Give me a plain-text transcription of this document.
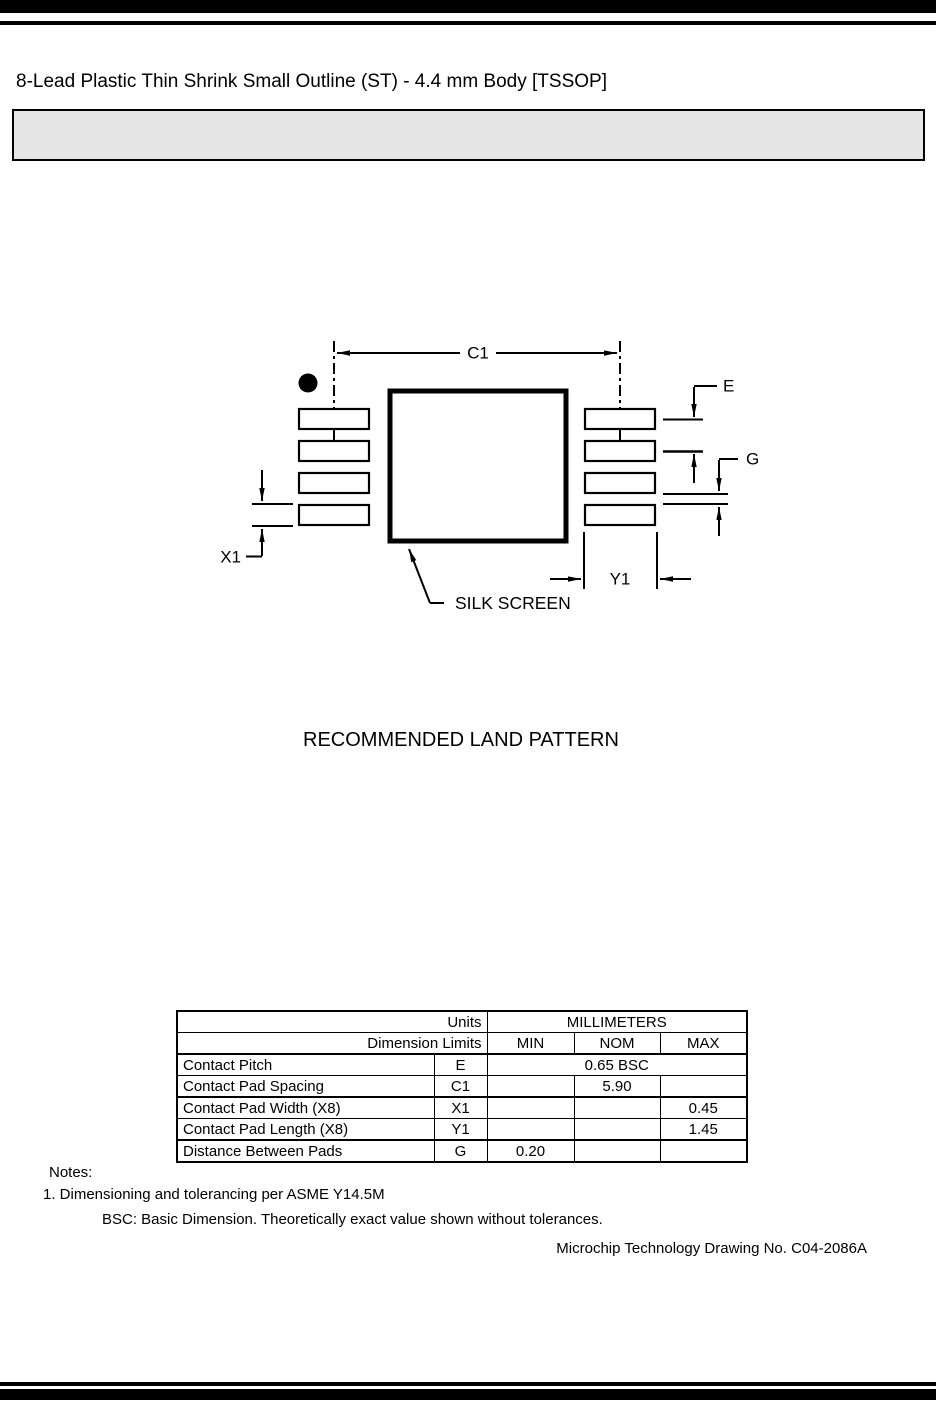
8-Lead Plastic Thin Shrink Small Outline (ST) - 4.4 mm Body [TSSOP]
C1
E
G
X1
Y1
SILK SCREEN
RECOMMENDED LAND PATTERN
Units		MILLIMETERS		
Dimension Limits		MIN	NOM	MAX
Contact Pitch	E	0.65 BSC		
Contact Pad Spacing	C1		5.90	
Contact Pad Width (X8)	X1			0.45
Contact Pad Length (X8)	Y1			1.45
Distance Between Pads	G	0.20		
Notes:
1. Dimensioning and tolerancing per ASME Y14.5M
BSC: Basic Dimension. Theoretically exact value shown without tolerances.
Microchip Technology Drawing No. C04-2086A
